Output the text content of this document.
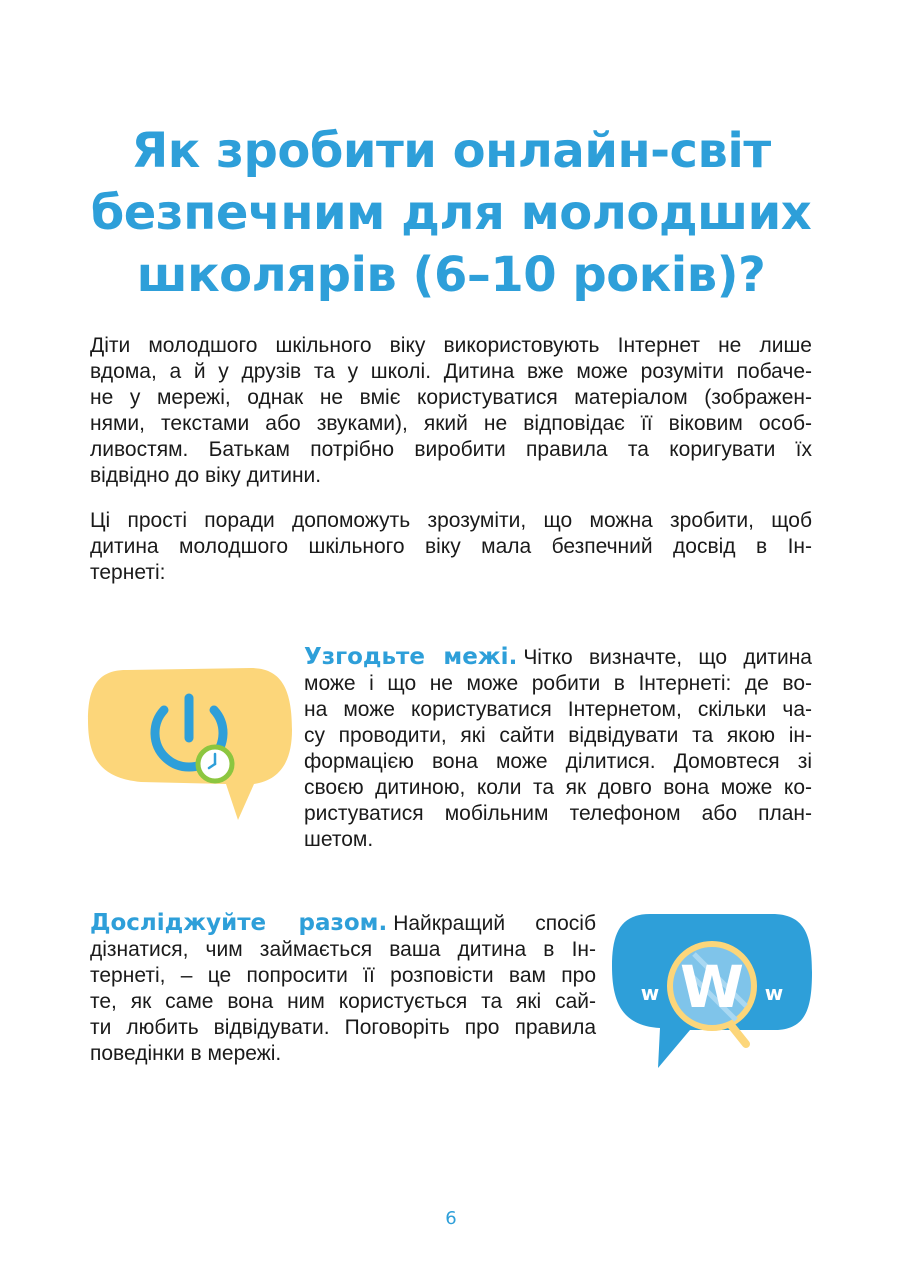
Як зробити онлайн-світ
безпечним для молодших
школярів (6–10 років)?
Діти молодшого шкільного віку використовують Інтернет не лише
вдома, а й у друзів та у школі. Дитина вже може розуміти побаче-
не у мережі, однак не вміє користуватися матеріалом (зображен-
нями, текстами або звуками), який не відповідає її віковим особ-
ливостям. Батькам потрібно виробити правила та коригувати їх
відвідно до віку дитини.
Ці прості поради допоможуть зрозуміти, що можна зробити, щоб
дитина молодшого шкільного віку мала безпечний досвід в Ін-
тернеті:
Узгодьте межі. Чітко визначте, що дитина
може і що не може робити в Інтернеті: де во-
на може користуватися Інтернетом, скільки ча-
су проводити, які сайти відвідувати та якою ін-
формацією вона може ділитися. Домовтеся зі
своєю дитиною, коли та як довго вона може ко-
ристуватися мобільним телефоном або план-
шетом.
Досліджуйте разом. Найкращий спосіб
дізнатися, чим займається ваша дитина в Ін-
тернеті, – це попросити її розповісти вам про
те, як саме вона ним користується та які сай-
ти любить відвідувати. Поговоріть про правила
поведінки в мережі.
W
w	w
6
